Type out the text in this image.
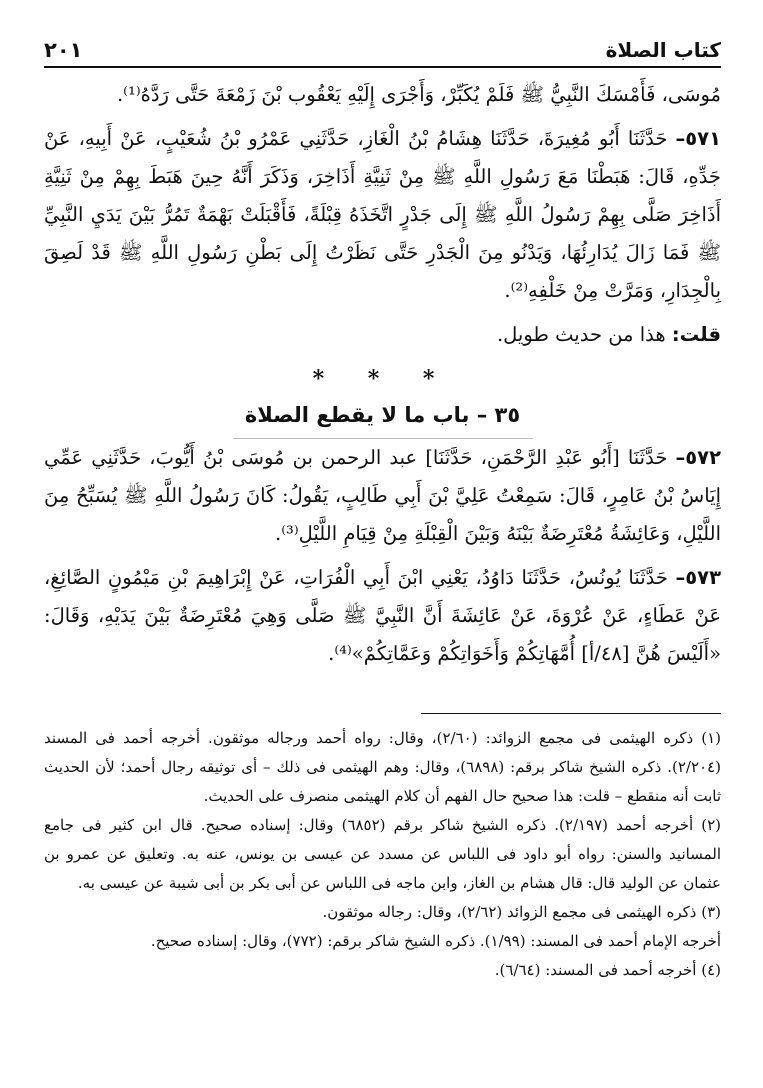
كتاب الصلاة
٢٠١

مُوسَى، فَأَمْسَكَ النَّبِيُّ ﷺ فَلَمْ يُكَبِّرْ، وَأَجْرَى إِلَيْهِ يَعْقُوب بْنَ زَمْعَةَ حَتَّى رَدَّهُ⁽¹⁾.

٥٧١– حَدَّثَنَا أَبُو مُغِيرَةَ، حَدَّثَنَا هِشَامُ بْنُ الْغَازِ، حَدَّثَنِي عَمْرُو بْنُ شُعَيْبٍ، عَنْ أَبِيهِ، عَنْ جَدِّهِ، قَالَ: هَبَطْنَا مَعَ رَسُولِ اللَّهِ ﷺ مِنْ ثَنِيَّةِ أَذَاخِرَ، وَذَكَرَ أَنَّهُ حِينَ هَبَطَ بِهِمْ مِنْ ثَنِيَّةِ أَذَاخِرَ صَلَّى بِهِمْ رَسُولُ اللَّهِ ﷺ إِلَى جَدْرٍ اتَّخَذَهُ قِبْلَةً، فَأَقْبَلَتْ بَهْمَةٌ تَمُرُّ بَيْنَ يَدَيِ النَّبِيِّ ﷺ فَمَا زَالَ يُدَارِئُهَا، وَيَدْنُو مِنَ الْجَدْرِ حَتَّى نَظَرْتُ إِلَى بَطْنِ رَسُولِ اللَّهِ ﷺ قَدْ لَصِقَ بِالْجِدَارِ، وَمَرَّتْ مِنْ خَلْفِهِ⁽²⁾.

قلت: هذا من حديث طويل.

* * *
٣٥ – باب ما لا يقطع الصلاة

٥٧٢– حَدَّثَنَا [أَبُو عَبْدِ الرَّحْمَنِ، حَدَّثَنَا] عبد الرحمن بن مُوسَى بْنُ أَيُّوبَ، حَدَّثَنِي عَمِّي إِيَاسُ بْنُ عَامِرٍ، قَالَ: سَمِعْتُ عَلِيَّ بْنَ أَبِي طَالِبٍ، يَقُولُ: كَانَ رَسُولُ اللَّهِ ﷺ يُسَبِّحُ مِنَ اللَّيْلِ، وَعَائِشَةُ مُعْتَرِضَةٌ بَيْنَهُ وَبَيْنَ الْقِبْلَةِ مِنْ قِيَامِ اللَّيْلِ⁽³⁾.

٥٧٣– حَدَّثَنَا يُونُسُ، حَدَّثَنَا دَاوُدُ، يَعْنِي ابْنَ أَبِي الْفُرَاتِ، عَنْ إِبْرَاهِيمَ بْنِ مَيْمُونٍ الصَّائِغِ، عَنْ عَطَاءٍ، عَنْ عُرْوَةَ، عَنْ عَائِشَةَ أَنَّ النَّبِيَّ ﷺ صَلَّى وَهِيَ مُعْتَرِضَةٌ بَيْنَ يَدَيْهِ، وَقَالَ: «أَلَيْسَ هُنَّ [٤٨/أ] أُمَّهَاتِكُمْ وَأَخَوَاتِكُمْ وَعَمَّاتِكُمْ»⁽⁴⁾.

(١) ذكره الهيثمى فى مجمع الزوائد: (٢/٦٠)، وقال: رواه أحمد ورجاله موثقون. أخرجه أحمد فى المسند (٢/٢٠٤). ذكره الشيخ شاكر برقم: (٦٨٩٨)، وقال: وهم الهيثمى فى ذلك – أى توثيقه رجال أحمد؛ لأن الحديث ثابت أنه منقطع – قلت: هذا صحيح حال الفهم أن كلام الهيثمى منصرف على الحديث.

(٢) أخرجه أحمد (٢/١٩٧). ذكره الشيخ شاكر برقم (٦٨٥٢) وقال: إسناده صحيح. قال ابن كثير فى جامع المسانيد والسنن: رواه أبو داود فى اللباس عن مسدد عن عيسى بن يونس، عنه به. وتعليق عن عمرو بن عثمان عن الوليد قال: قال هشام بن الغاز، وابن ماجه فى اللباس عن أبى بكر بن أبى شيبة عن عيسى به.

(٣) ذكره الهيثمى فى مجمع الزوائد (٢/٦٢)، وقال: رجاله موثقون.

أخرجه الإمام أحمد فى المسند: (١/٩٩). ذكره الشيخ شاكر برقم: (٧٧٢)، وقال: إسناده صحيح.

(٤) أخرجه أحمد فى المسند: (٦/٦٤).
